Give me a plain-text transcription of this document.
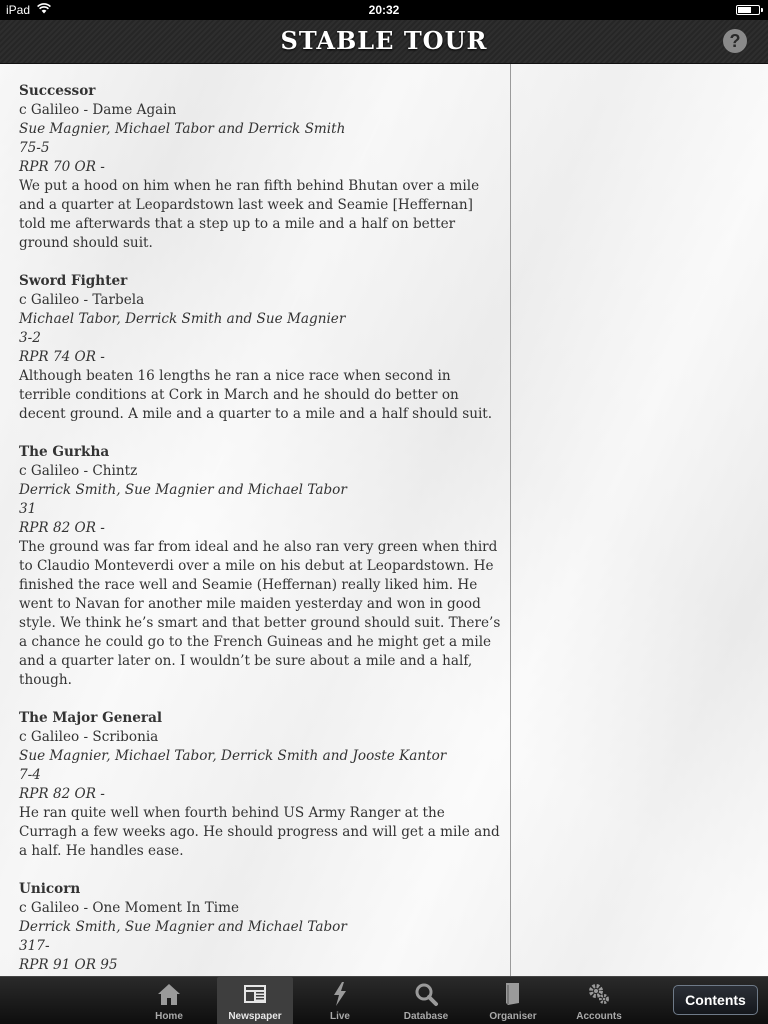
iPad	20:32
STABLE TOUR	?
Successor
c Galileo - Dame Again
Sue Magnier, Michael Tabor and Derrick Smith
75-5
RPR 70 OR -
We put a hood on him when he ran fifth behind Bhutan over a mile and a quarter at Leopardstown last week and Seamie [Heffernan] told me afterwards that a step up to a mile and a half on better ground should suit.
Sword Fighter
c Galileo - Tarbela
Michael Tabor, Derrick Smith and Sue Magnier
3-2
RPR 74 OR -
Although beaten 16 lengths he ran a nice race when second in terrible conditions at Cork in March and he should do better on decent ground. A mile and a quarter to a mile and a half should suit.
The Gurkha
c Galileo - Chintz
Derrick Smith, Sue Magnier and Michael Tabor
31
RPR 82 OR -
The ground was far from ideal and he also ran very green when third to Claudio Monteverdi over a mile on his debut at Leopardstown. He finished the race well and Seamie (Heffernan) really liked him. He went to Navan for another mile maiden yesterday and won in good style. We think he’s smart and that better ground should suit. There’s a chance he could go to the French Guineas and he might get a mile and a quarter later on. I wouldn’t be sure about a mile and a half, though.
The Major General
c Galileo - Scribonia
Sue Magnier, Michael Tabor, Derrick Smith and Jooste Kantor
7-4
RPR 82 OR -
He ran quite well when fourth behind US Army Ranger at the Curragh a few weeks ago. He should progress and will get a mile and a half. He handles ease.
Unicorn
c Galileo - One Moment In Time
Derrick Smith, Sue Magnier and Michael Tabor
317-
RPR 91 OR 95
Home	Newspaper	Live	Database	Organiser	Accounts
Contents
